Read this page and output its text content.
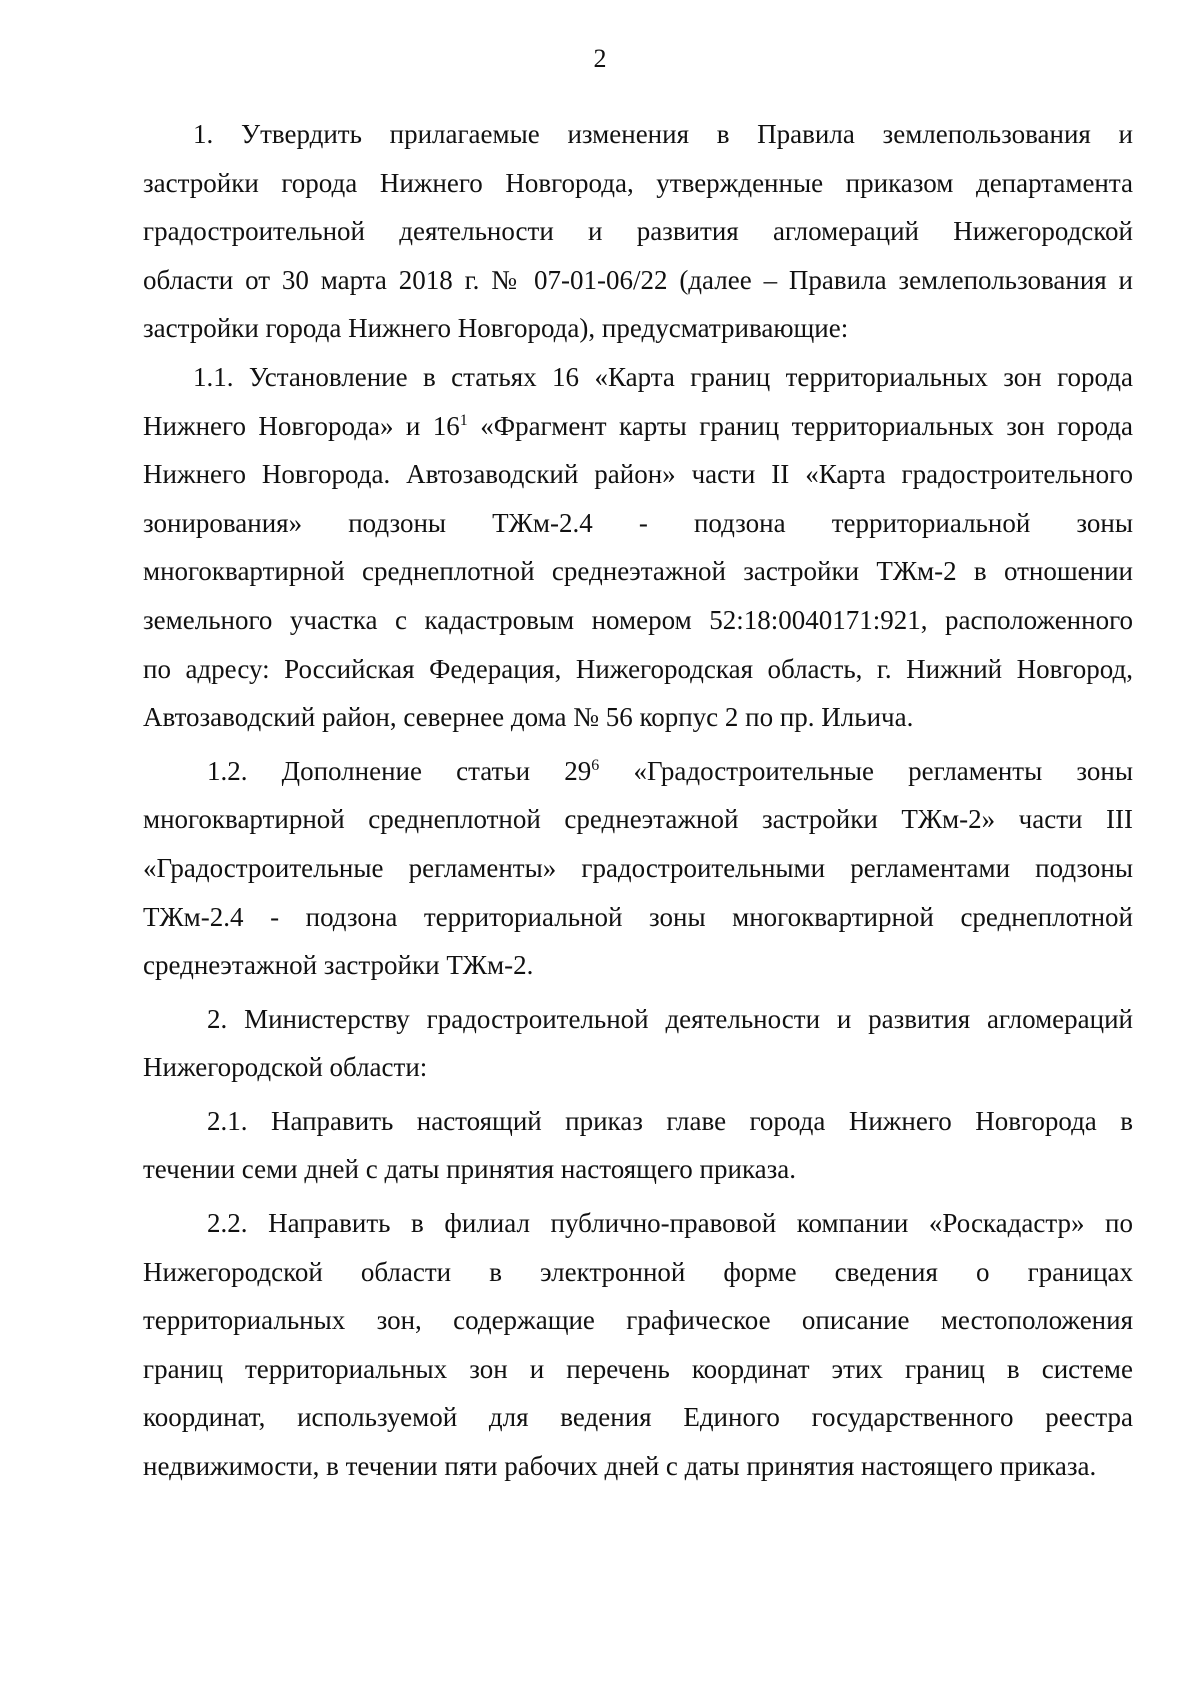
2
1. Утвердить прилагаемые изменения в Правила землепользования и
застройки города Нижнего Новгорода, утвержденные приказом департамента
градостроительной деятельности и развития агломераций Нижегородской
области от 30 марта 2018 г. № 07-01-06/22 (далее – Правила землепользования и
застройки города Нижнего Новгорода), предусматривающие:
1.1. Установление в статьях 16 «Карта границ территориальных зон города
Нижнего Новгорода» и $16^1$ «Фрагмент карты границ территориальных зон города
Нижнего Новгорода. Автозаводский район» части II «Карта градостроительного
зонирования» подзоны ТЖм-2.4 - подзона территориальной зоны
многоквартирной среднеплотной среднеэтажной застройки ТЖм-2 в отношении
земельного участка с кадастровым номером 52:18:0040171:921, расположенного
по адресу: Российская Федерация, Нижегородская область, г. Нижний Новгород,
Автозаводский район, севернее дома № 56 корпус 2 по пр. Ильича.
1.2. Дополнение статьи $29^6$ «Градостроительные регламенты зоны
многоквартирной среднеплотной среднеэтажной застройки ТЖм-2» части III
«Градостроительные регламенты» градостроительными регламентами подзоны
ТЖм-2.4 - подзона территориальной зоны многоквартирной среднеплотной
среднеэтажной застройки ТЖм-2.
2. Министерству градостроительной деятельности и развития агломераций
Нижегородской области:
2.1. Направить настоящий приказ главе города Нижнего Новгорода в
течении семи дней с даты принятия настоящего приказа.
2.2. Направить в филиал публично-правовой компании «Роскадастр» по
Нижегородской области в электронной форме сведения о границах
территориальных зон, содержащие графическое описание местоположения
границ территориальных зон и перечень координат этих границ в системе
координат, используемой для ведения Единого государственного реестра
недвижимости, в течении пяти рабочих дней с даты принятия настоящего приказа.
